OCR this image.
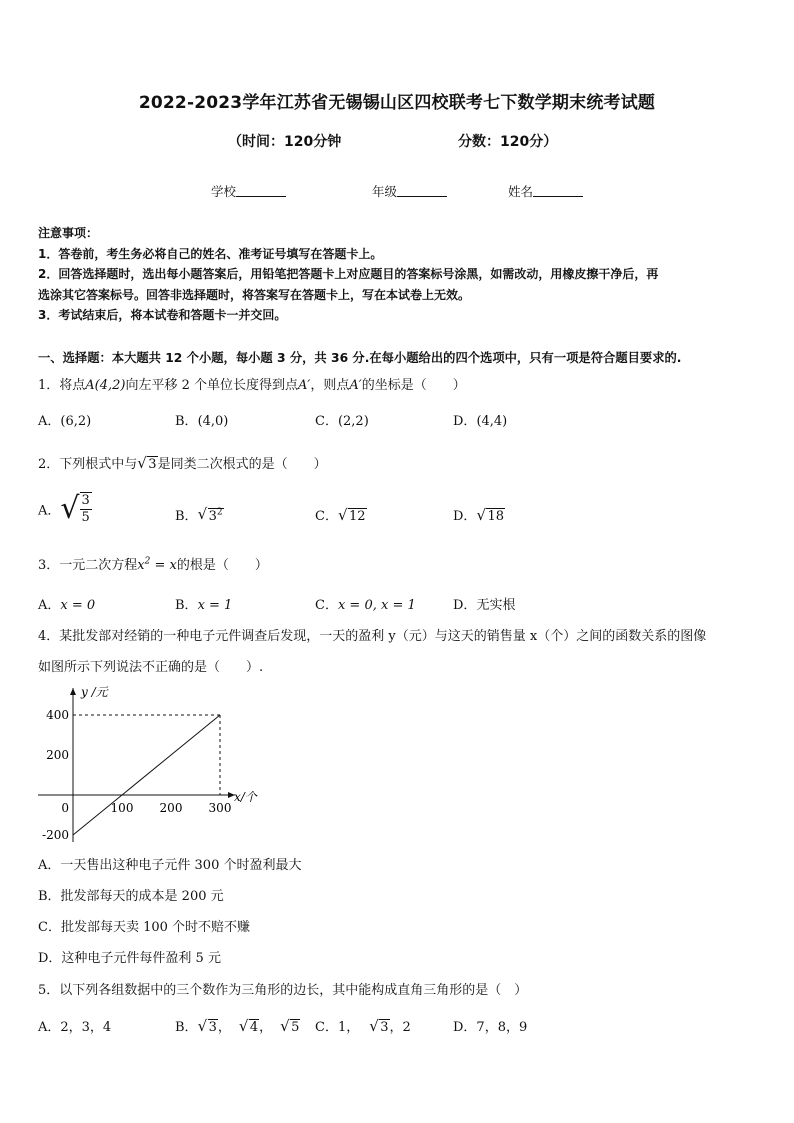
2022-2023学年江苏省无锡锡山区四校联考七下数学期末统考试题
（时间：120分钟	分数：120分）
学校	年级	姓名

注意事项：

1．答卷前，考生务必将自己的姓名、准考证号填写在答题卡上。

2．回答选择题时，选出每小题答案后，用铅笔把答题卡上对应题目的答案标号涂黑，如需改动，用橡皮擦干净后，再

选涂其它答案标号。回答非选择题时，将答案写在答题卡上，写在本试卷上无效。

3．考试结束后，将本试卷和答题卡一并交回。

一、选择题：本大题共 12 个小题，每小题 3 分，共 36 分.在每小题给出的四个选项中，只有一项是符合题目要求的.
1．将点A(4,2)向左平移 2 个单位长度得到点A′，则点A′的坐标是（　　）
A．(6,2)	B．(4,0)	C．(2,2)	D．(4,4)
2．下列根式中与 √ 3是同类二次根式的是（　　）
A．√ $\frac{3}{5}$	B． √ $3^2$	C． √ 12	D． √ 18
3．一元二次方程$x^2 = x$的根是（　　）
A．x = 0	B．x = 1	C．x = 0, x = 1	D．无实根
4．某批发部对经销的一种电子元件调查后发现，一天的盈利 y（元）与这天的销售量 x（个）之间的函数关系的图像
如图所示下列说法不正确的是（　　）.
400
200
-200
100 200 300
0
y /元
x/个
A．一天售出这种电子元件 300 个时盈利最大
B．批发部每天的成本是 200 元
C．批发部每天卖 100 个时不赔不赚
D．这种电子元件每件盈利 5 元
5．以下列各组数据中的三个数作为三角形的边长，其中能构成直角三角形的是（　）
A．2，3，4	B． √ 3， √ 4， √ 5 C．1， √ 3，2	D．7，8，9
